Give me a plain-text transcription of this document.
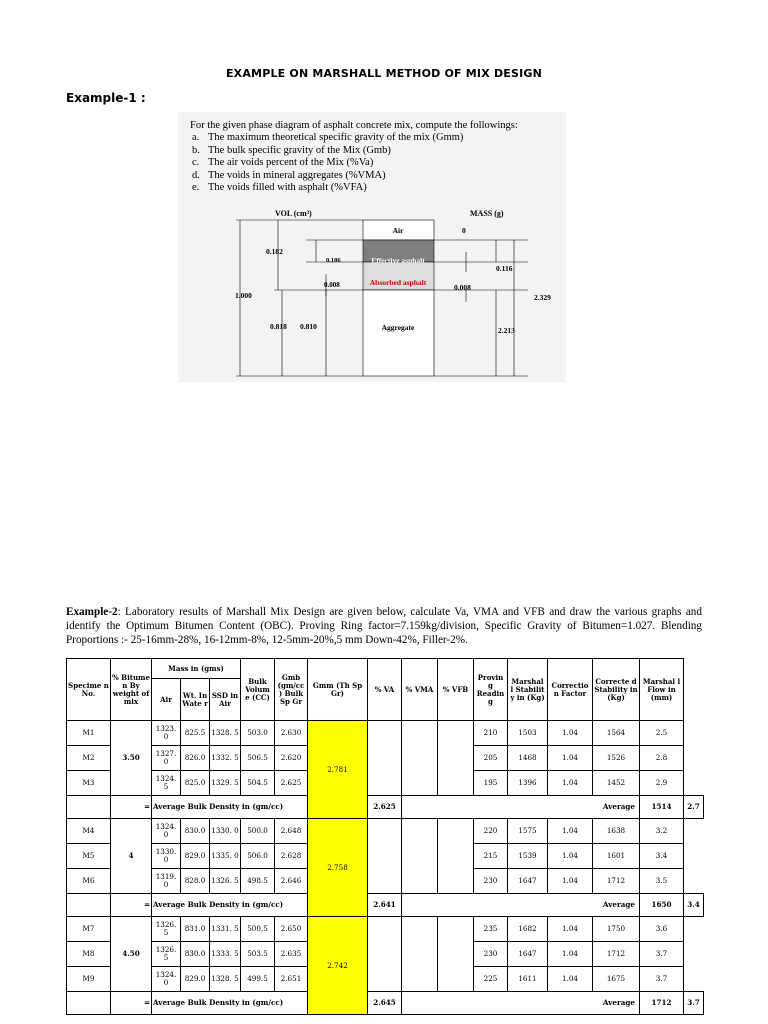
EXAMPLE ON MARSHALL METHOD OF MIX DESIGN
Example-1 :
For the given phase diagram of asphalt concrete mix, compute the followings:
a. The maximum theoretical specific gravity of the mix (Gmm)
b. The bulk specific gravity of the Mix (Gmb)
c. The air voids percent of the Mix (%Va)
d. The voids in mineral aggregates (%VMA)
e. The voids filled with asphalt (%VFA)
VOL (cm³)	MASS (g)
Air
Effective asphalt
Absorbed asphalt
Aggregate
0.182
0.106
0.008
1.000
0.818 0.810
0
0.116
0.008
2.329
2.213
Example-2: Laboratory results of Marshall Mix Design are given below, calculate Va, VMA and VFB and draw the various graphs and identify the Optimum Bitumen Content (OBC). Proving Ring factor=7.159kg/division, Specific Gravity of Bitumen=1.027. Blending Proportions :- 25-16mm-28%, 16-12mm-8%, 12-5mm-20%,5 mm Down-42%, Filler-2%.
Specime n No.	% Bitume n By weight of mix	Mass in (gms)			Bulk Volum e (CC)	Gmb (gm/cc ) Bulk Sp Gr	Gmm (Th Sp Gr)	% VA	% VMA	% VFB	Provin g Readin g	Marshal l Stabilit y in (Kg)	Correctio n Factor	Correcte d Stability in (Kg)	Marshal l Flow in (mm)	
		Air	Wt. In Wate r	SSD in Air												
M1	3.50	1323. 0	825.5	1328. 5	503.0	2.630	2.781				210	1503	1.04	1564	2.5	
M2		1327. 0	826.0	1332. 5	506.5	2.620					205	1468	1.04	1526	2.8	
M3		1324. 5	825.0	1329. 5	504.5	2.625					195	1396	1.04	1452	2.9	
	=	Average Bulk Density in (gm/cc)						2.625	Average						1514	2.7
M4	4	1324. 0	830.0	1330. 0	500.0	2.648	2.758				220	1575	1.04	1638	3.2	
M5		1330. 0	829.0	1335. 0	506.0	2.628					215	1539	1.04	1601	3.4	
M6		1319. 0	828.0	1326. 5	498.5	2.646					230	1647	1.04	1712	3.5	
	=	Average Bulk Density in (gm/cc)						2.641	Average						1650	3.4
M7	4.50	1326. 5	831.0	1331. 5	500.5	2.650	2.742				235	1682	1.04	1750	3.6	
M8		1326. 5	830.0	1333. 5	503.5	2.635					230	1647	1.04	1712	3.7	
M9		1324. 0	829.0	1328. 5	499.5	2.651					225	1611	1.04	1675	3.7	
	=	Average Bulk Density in (gm/cc)						2.645	Average						1712	3.7
